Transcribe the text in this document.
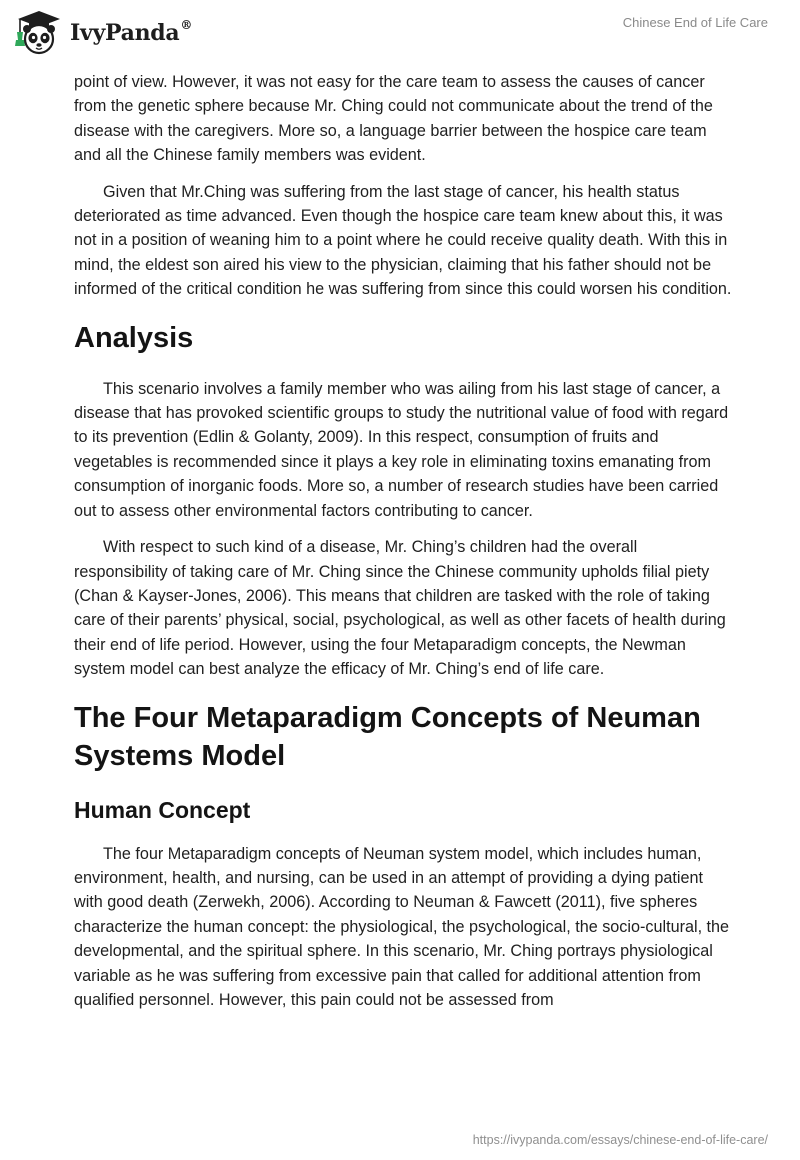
IvyPanda®	Chinese End of Life Care

point of view. However, it was not easy for the care team to assess the causes of cancer from the genetic sphere because Mr. Ching could not communicate about the trend of the disease with the caregivers. More so, a language barrier between the hospice care team and all the Chinese family members was evident.

Given that Mr.Ching was suffering from the last stage of cancer, his health status deteriorated as time advanced. Even though the hospice care team knew about this, it was not in a position of weaning him to a point where he could receive quality death. With this in mind, the eldest son aired his view to the physician, claiming that his father should not be informed of the critical condition he was suffering from since this could worsen his condition.

Analysis

This scenario involves a family member who was ailing from his last stage of cancer, a disease that has provoked scientific groups to study the nutritional value of food with regard to its prevention (Edlin & Golanty, 2009). In this respect, consumption of fruits and vegetables is recommended since it plays a key role in eliminating toxins emanating from consumption of inorganic foods. More so, a number of research studies have been carried out to assess other environmental factors contributing to cancer.

With respect to such kind of a disease, Mr. Ching’s children had the overall responsibility of taking care of Mr. Ching since the Chinese community upholds filial piety (Chan & Kayser-Jones, 2006). This means that children are tasked with the role of taking care of their parents’ physical, social, psychological, as well as other facets of health during their end of life period. However, using the four Metaparadigm concepts, the Newman system model can best analyze the efficacy of Mr. Ching’s end of life care.

The Four Metaparadigm Concepts of Neuman Systems Model
Human Concept

The four Metaparadigm concepts of Neuman system model, which includes human, environment, health, and nursing, can be used in an attempt of providing a dying patient with good death (Zerwekh, 2006). According to Neuman & Fawcett (2011), five spheres characterize the human concept: the physiological, the psychological, the socio-cultural, the developmental, and the spiritual sphere. In this scenario, Mr. Ching portrays physiological variable as he was suffering from excessive pain that called for additional attention from qualified personnel. However, this pain could not be assessed from

https://ivypanda.com/essays/chinese-end-of-life-care/
